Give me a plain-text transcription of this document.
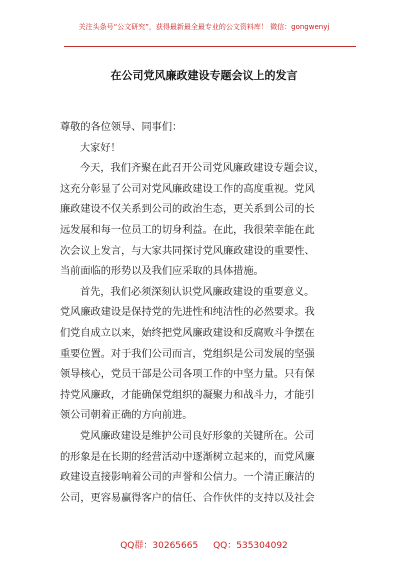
关注头条号“公文研究”，获得最新最全最专业的公文资料库！ 微信：gongwenyj
在公司党风廉政建设专题会议上的发言
尊敬的各位领导、同事们：
大家好！
今天，我们齐聚在此召开公司党风廉政建设专题会议，
这充分彰显了公司对党风廉政建设工作的高度重视。党风
廉政建设不仅关系到公司的政治生态，更关系到公司的长
远发展和每一位员工的切身利益。在此，我很荣幸能在此
次会议上发言，与大家共同探讨党风廉政建设的重要性、
当前面临的形势以及我们应采取的具体措施。
首先，我们必须深刻认识党风廉政建设的重要意义。
党风廉政建设是保持党的先进性和纯洁性的必然要求。我
们党自成立以来，始终把党风廉政建设和反腐败斗争摆在
重要位置。对于我们公司而言，党组织是公司发展的坚强
领导核心，党员干部是公司各项工作的中坚力量。只有保
持党风廉政，才能确保党组织的凝聚力和战斗力，才能引
领公司朝着正确的方向前进。
党风廉政建设是维护公司良好形象的关键所在。公司
的形象是在长期的经营活动中逐渐树立起来的，而党风廉
政建设直接影响着公司的声誉和公信力。一个清正廉洁的
公司，更容易赢得客户的信任、合作伙伴的支持以及社会
QQ群：30265665 QQ：535304092
